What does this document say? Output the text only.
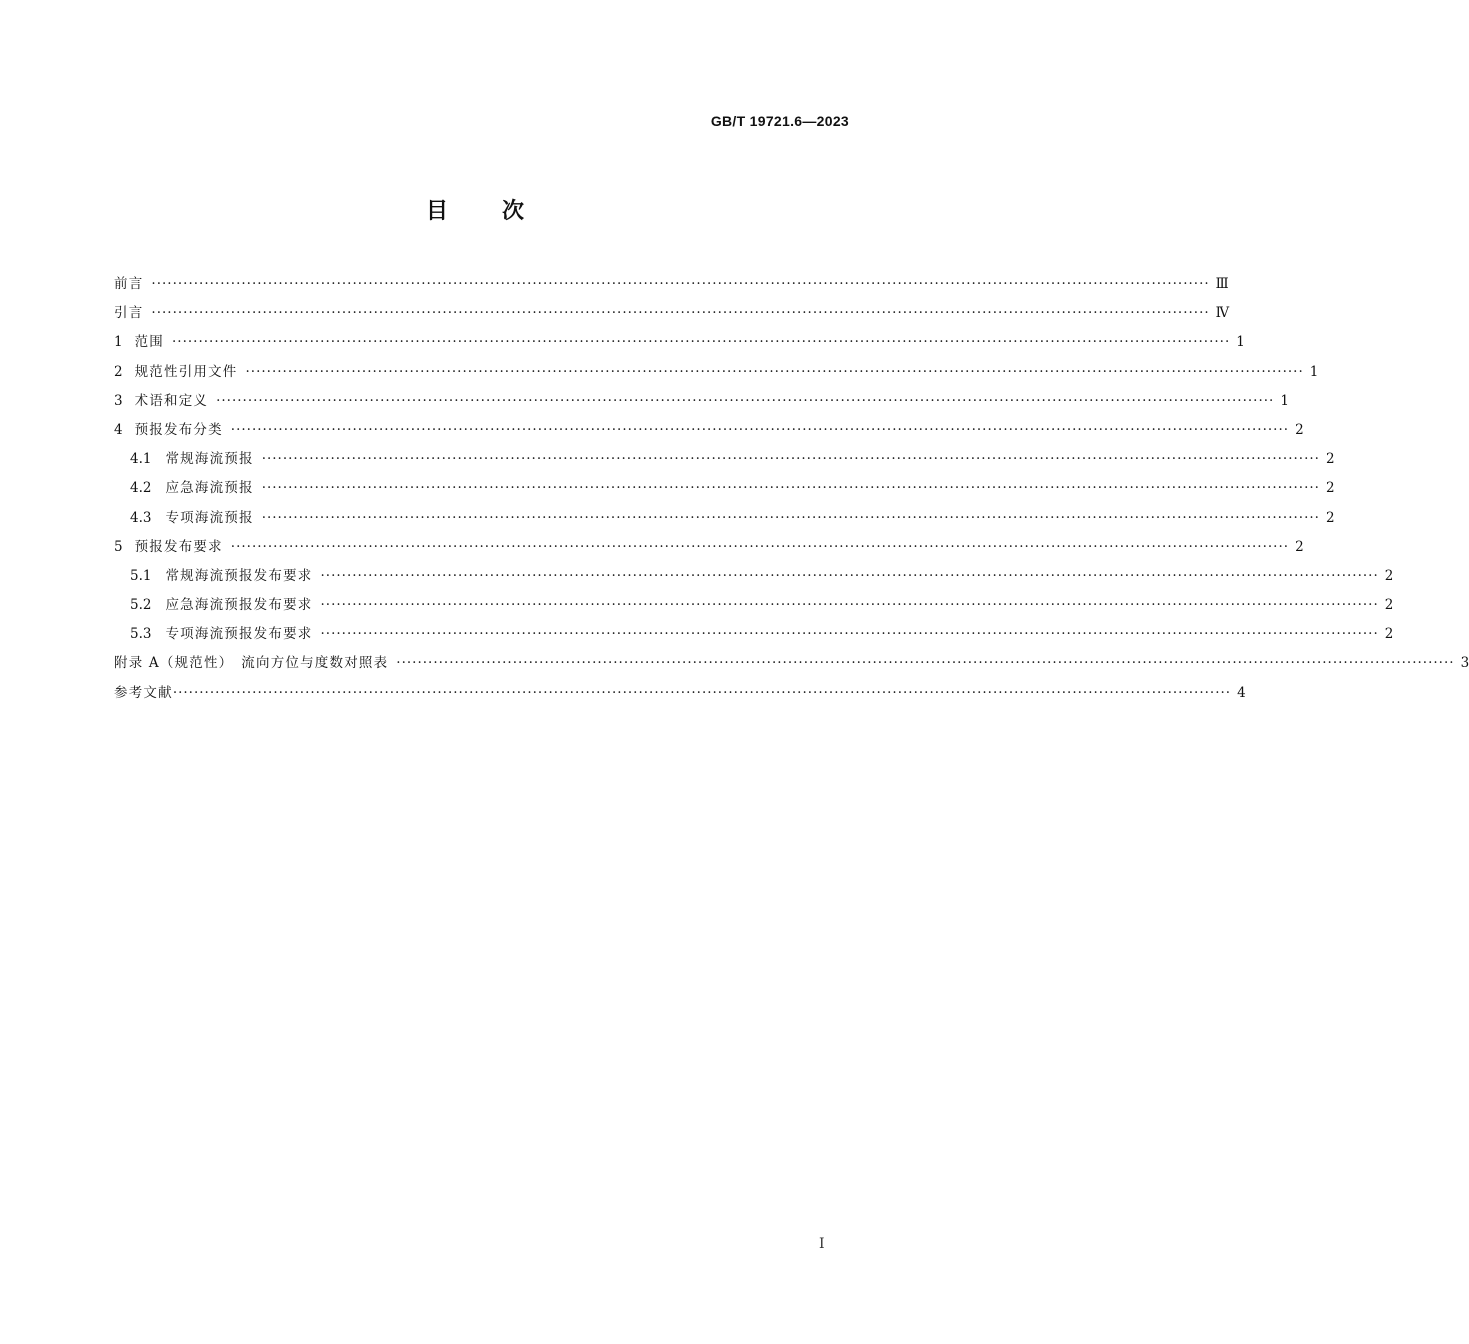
GB/T 19721.6—2023
目次
前言 ········································································································································································································ Ⅲ
引言 ········································································································································································································ Ⅳ
1 范围 ········································································································································································································ 1
2 规范性引用文件 ········································································································································································································ 1
3 术语和定义 ········································································································································································································ 1
4 预报发布分类 ········································································································································································································ 2
4.1 常规海流预报 ········································································································································································································ 2
4.2 应急海流预报 ········································································································································································································ 2
4.3 专项海流预报 ········································································································································································································ 2
5 预报发布要求 ········································································································································································································ 2
5.1 常规海流预报发布要求 ········································································································································································································ 2
5.2 应急海流预报发布要求 ········································································································································································································ 2
5.3 专项海流预报发布要求 ········································································································································································································ 2
附录 A（规范性）　流向方位与度数对照表 ········································································································································································································ 3
参考文献 ········································································································································································································ 4
Ⅰ
